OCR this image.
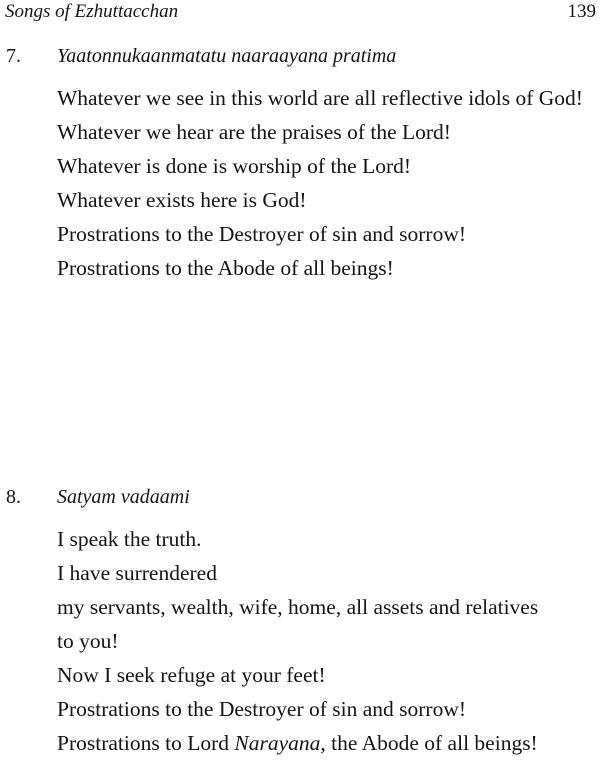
Songs of Ezhuttacchan	139
7. Yaatonnukaanmatatu naaraayana pratima

Whatever we see in this world are all reflective idols of God!

Whatever we hear are the praises of the Lord!

Whatever is done is worship of the Lord!

Whatever exists here is God!

Prostrations to the Destroyer of sin and sorrow!

Prostrations to the Abode of all beings!

8. Satyam vadaami

I speak the truth.

I have surrendered

my servants, wealth, wife, home, all assets and relatives

to you!

Now I seek refuge at your feet!

Prostrations to the Destroyer of sin and sorrow!

Prostrations to Lord Narayana, the Abode of all beings!
